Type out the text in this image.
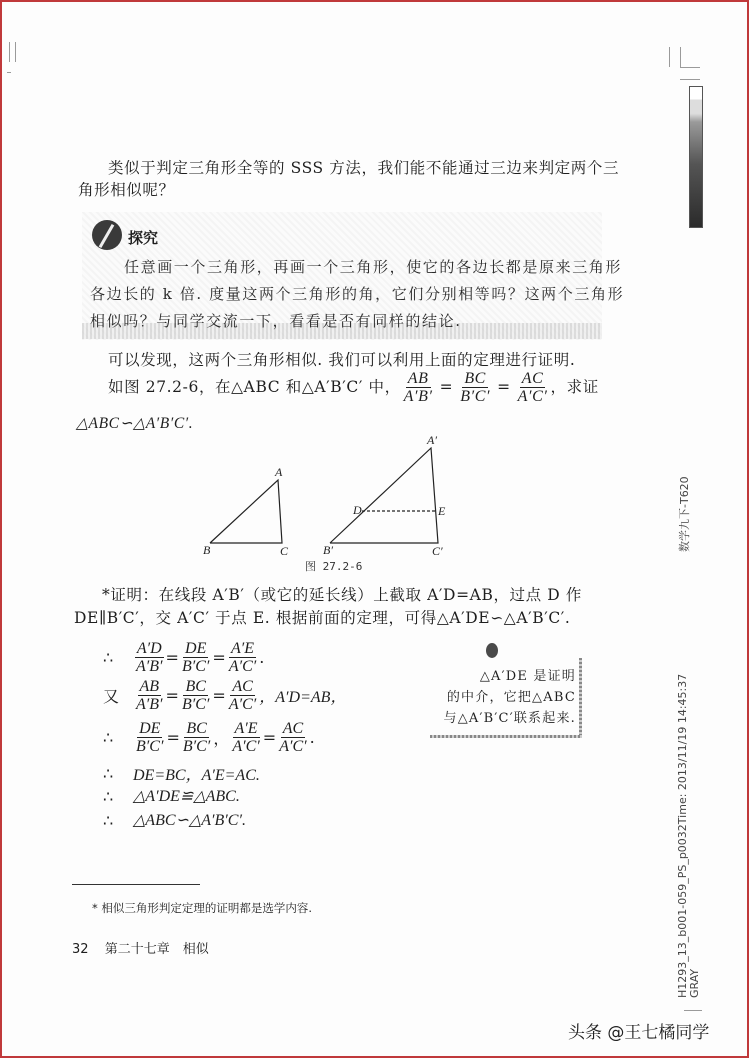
类似于判定三角形全等的 SSS 方法，我们能不能通过三边来判定两个三
角形相似呢？
探究
任意画一个三角形，再画一个三角形，使它的各边长都是原来三角形
各边长的 k 倍. 度量这两个三角形的角，它们分别相等吗？这两个三角形
相似吗？与同学交流一下，看看是否有同样的结论.
可以发现，这两个三角形相似. 我们可以利用上面的定理进行证明.
如图 27.2-6，在△ABC 和△A′B′C′ 中， $\frac{AB}{A'B'} = \frac{BC}{B'C'} = \frac{AC}{A'C'}$ ，求证
△ABC∽△A′B′C′.
B
A
C	B′
A′
C′
D	E
图 27.2-6
*证明：在线段 A′B′（或它的延长线）上截取 A′D=AB，过点 D 作
DE∥B′C′，交 A′C′ 于点 E. 根据前面的定理，可得△A′DE∽△A′B′C′.
∴	$\frac{A'D}{A'B'} = \frac{DE}{B'C'} = \frac{A'E}{A'C'}$ .
又 $\frac{AB}{A'B'} = \frac{BC}{B'C'} = \frac{AC}{A'C'}$ ，A′D=AB，
∴	$\frac{DE}{B'C'} = \frac{BC}{B'C'}$ ， $\frac{A'E}{A'C'} = \frac{AC}{A'C'}$ .
∴	DE=BC，A′E=AC.
∴	△A′DE≌△ABC.
∴	△ABC∽△A′B′C′.
△A′DE 是证明
的中介，它把△ABC
与△A′B′C′联系起来.
* 相似三角形判定定理的证明都是选学内容.
32 第二十七章　相似
数学九下-T620
H1293_13_b001-059_PS_p0032Time: 2013/11/19 14:45:37 GRAY
头条 @王七橘同学
